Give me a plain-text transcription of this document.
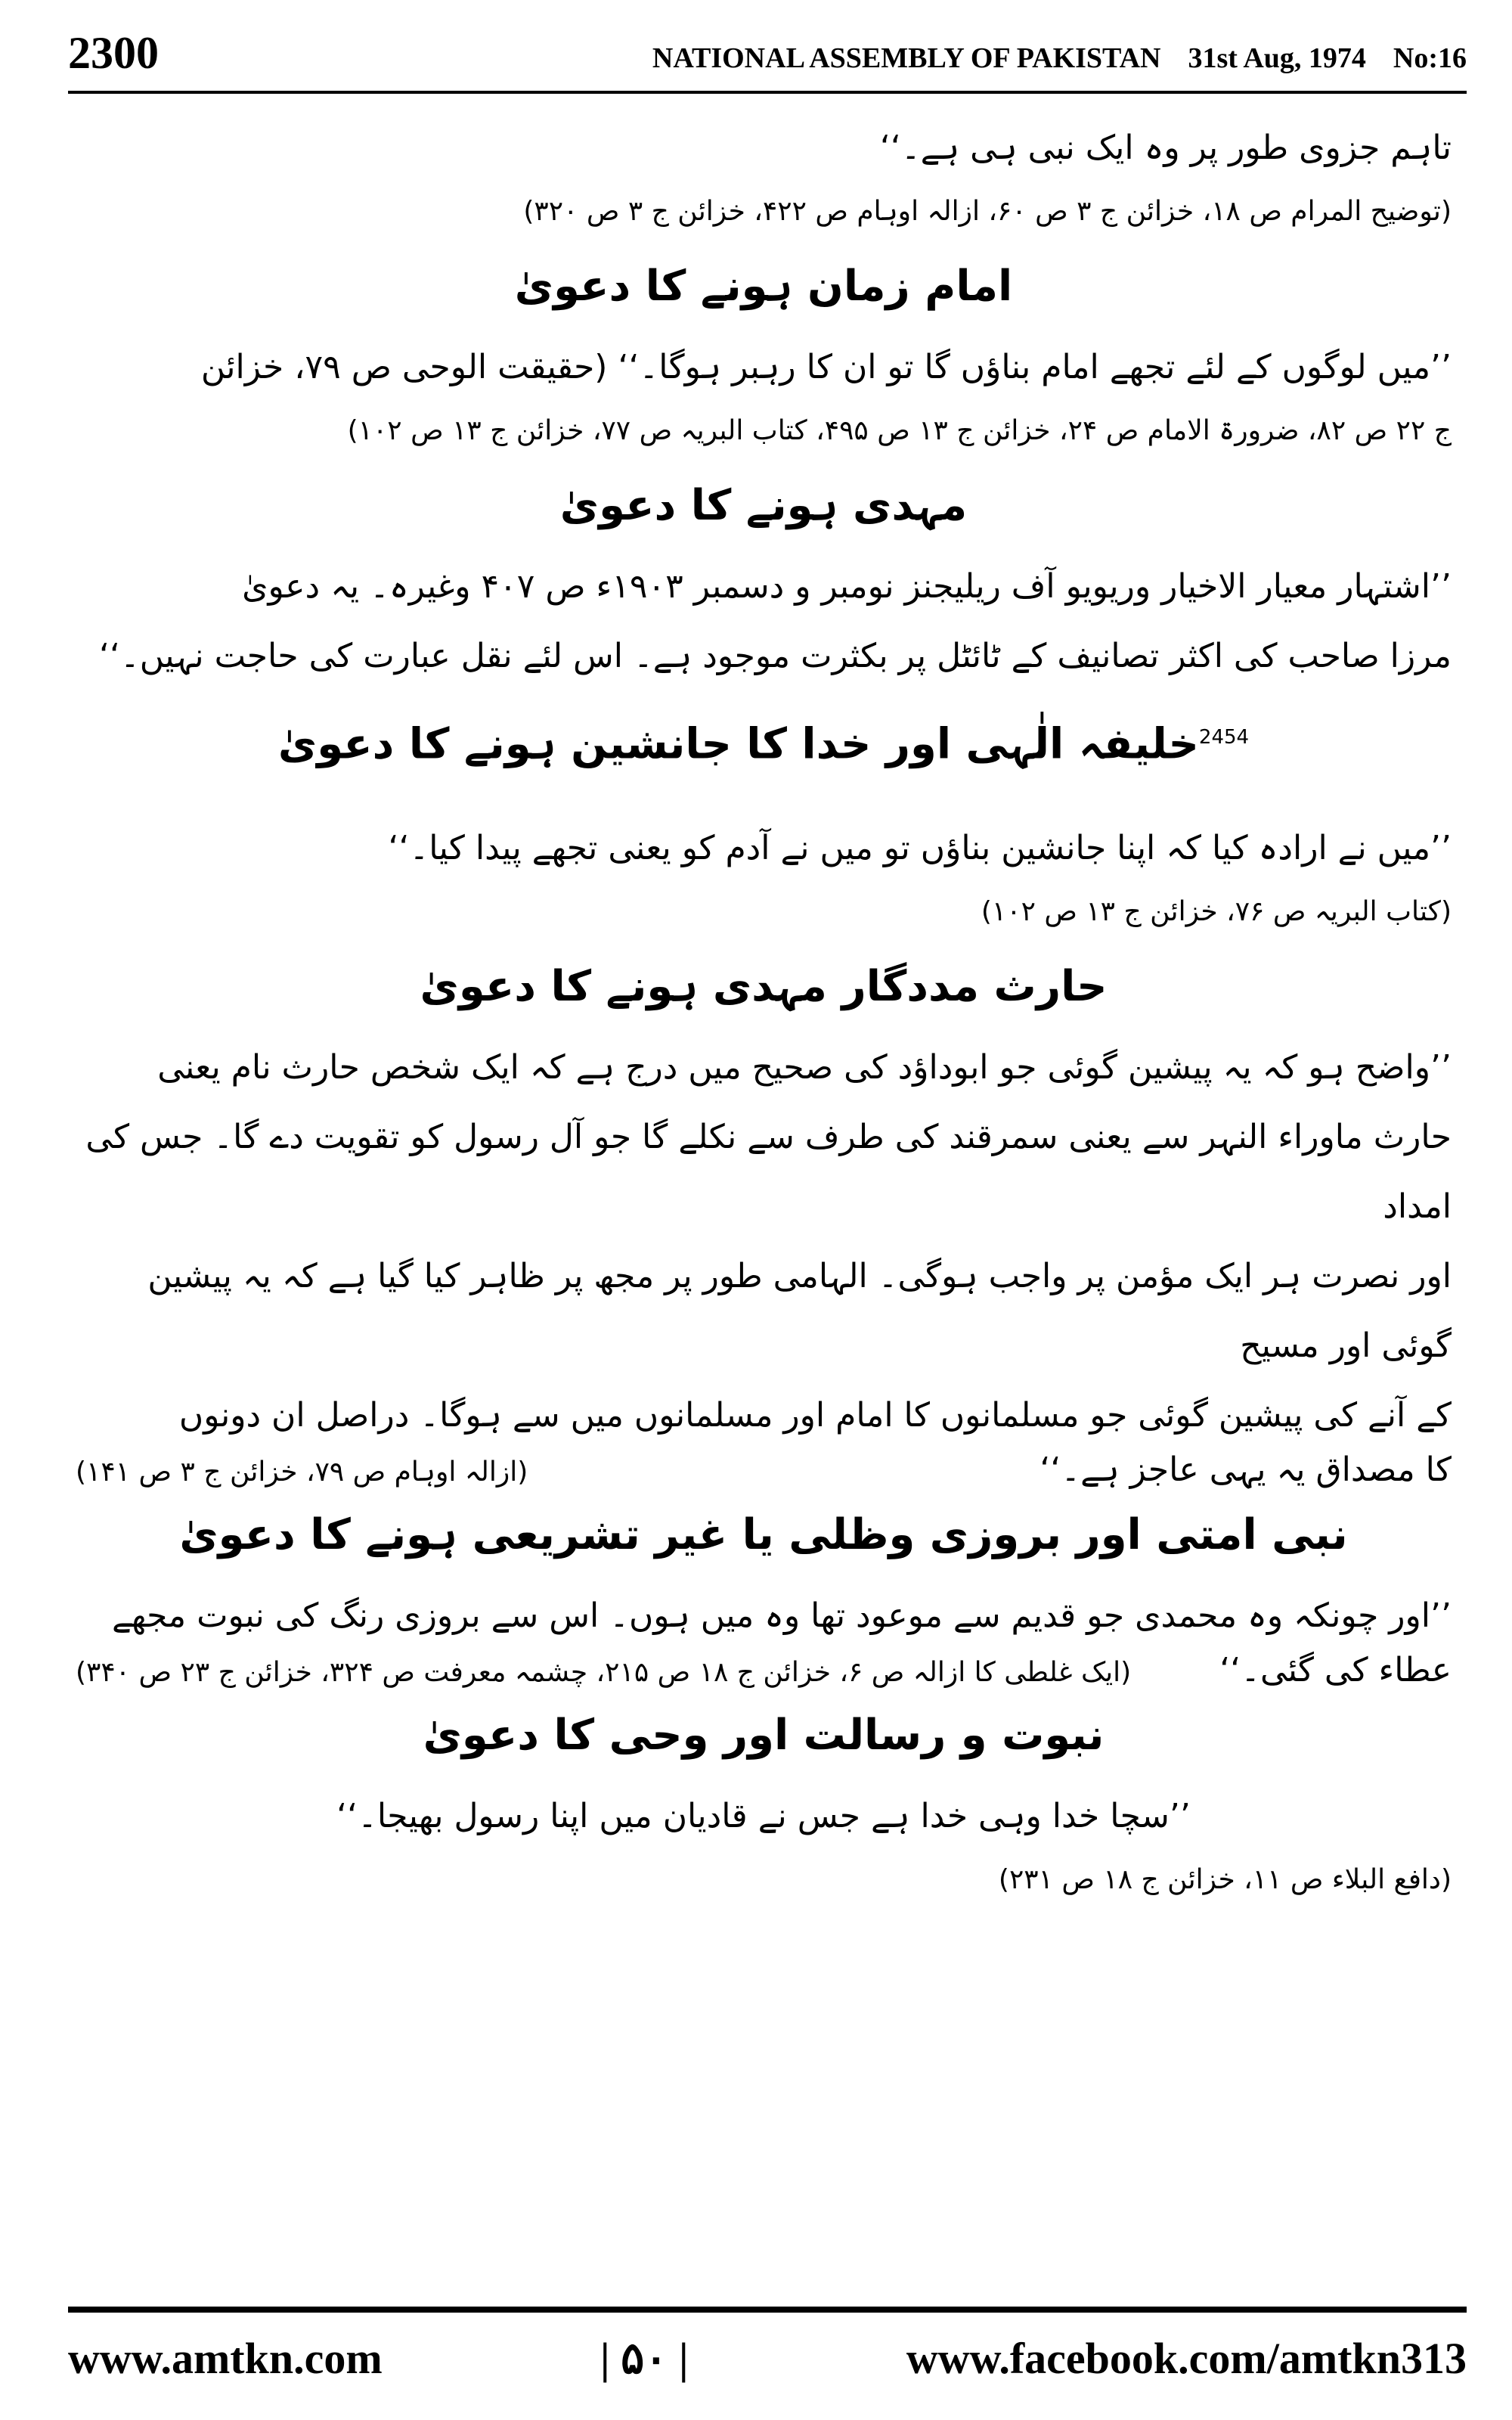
2300	NATIONAL ASSEMBLY OF PAKISTAN 31st Aug, 1974 No:16
تاہم جزوی طور پر وہ ایک نبی ہی ہے۔‘‘
(توضیح المرام ص ۱۸، خزائن ج ۳ ص ۶۰، ازالہ اوہام ص ۴۲۲، خزائن ج ۳ ص ۳۲۰)
امام زمان ہونے کا دعویٰ
’’میں لوگوں کے لئے تجھے امام بناؤں گا تو ان کا رہبر ہوگا۔‘‘ (حقیقت الوحی ص ۷۹، خزائن
ج ۲۲ ص ۸۲، ضرورۃ الامام ص ۲۴، خزائن ج ۱۳ ص ۴۹۵، کتاب البریہ ص ۷۷، خزائن ج ۱۳ ص ۱۰۲)
مہدی ہونے کا دعویٰ
’’اشتہار معیار الاخیار وریویو آف ریلیجنز نومبر و دسمبر ۱۹۰۳ء ص ۴۰۷ وغیرہ۔ یہ دعویٰ
مرزا صاحب کی اکثر تصانیف کے ٹائٹل پر بکثرت موجود ہے۔ اس لئے نقل عبارت کی حاجت نہیں۔‘‘
$^{2454}$خلیفہ الٰہی اور خدا کا جانشین ہونے کا دعویٰ
’’میں نے ارادہ کیا کہ اپنا جانشین بناؤں تو میں نے آدم کو یعنی تجھے پیدا کیا۔‘‘
(کتاب البریہ ص ۷۶، خزائن ج ۱۳ ص ۱۰۲)
حارث مددگار مہدی ہونے کا دعویٰ
’’واضح ہو کہ یہ پیشین گوئی جو ابوداؤد کی صحیح میں درج ہے کہ ایک شخص حارث نام یعنی
حارث ماوراء النہر سے یعنی سمرقند کی طرف سے نکلے گا جو آل رسول کو تقویت دے گا۔ جس کی امداد
اور نصرت ہر ایک مؤمن پر واجب ہوگی۔ الہامی طور پر مجھ پر ظاہر کیا گیا ہے کہ یہ پیشین گوئی اور مسیح
کے آنے کی پیشین گوئی جو مسلمانوں کا امام اور مسلمانوں میں سے ہوگا۔ دراصل ان دونوں
کا مصداق یہ یہی عاجز ہے۔‘‘
(ازالہ اوہام ص ۷۹، خزائن ج ۳ ص ۱۴۱)
نبی امتی اور بروزی وظلی یا غیر تشریعی ہونے کا دعویٰ
’’اور چونکہ وہ محمدی جو قدیم سے موعود تھا وہ میں ہوں۔ اس سے بروزی رنگ کی نبوت مجھے
عطاء کی گئی۔‘‘
(ایک غلطی کا ازالہ ص ۶، خزائن ج ۱۸ ص ۲۱۵، چشمہ معرفت ص ۳۲۴، خزائن ج ۲۳ ص ۳۴۰)
نبوت و رسالت اور وحی کا دعویٰ
’’سچا خدا وہی خدا ہے جس نے قادیان میں اپنا رسول بھیجا۔‘‘
(دافع البلاء ص ۱۱، خزائن ج ۱۸ ص ۲۳۱)
www.amtkn.com	| ۵۰ |	www.facebook.com/amtkn313
